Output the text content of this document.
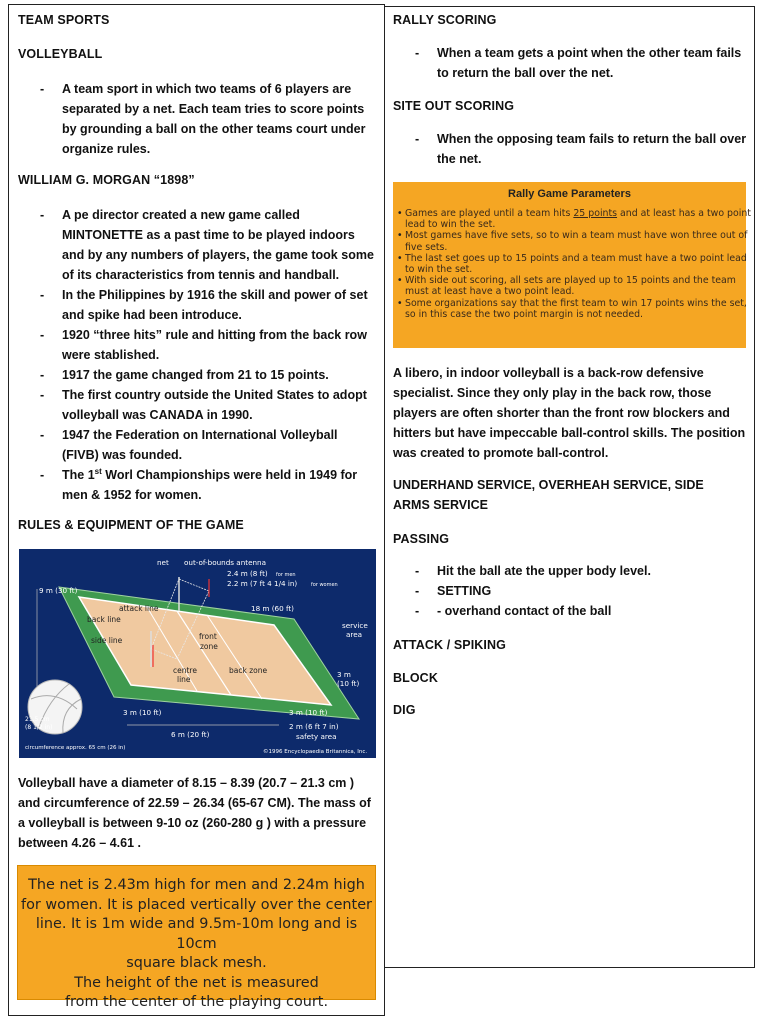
TEAM SPORTS
VOLLEYBALL
- A team sport in which two teams of 6 players are separated by a net. Each team tries to score points by grounding a ball on the other teams court under organize rules.
WILLIAM G. MORGAN “1898”
- A pe director created a new game called MINTONETTE as a past time to be played indoors and by any numbers of players, the game took some of its characteristics from tennis and handball.
- In the Philippines by 1916 the skill and power of set and spike had been introduce.
- 1920 “three hits” rule and hitting from the back row were stablished.
- 1917 the game changed from 21 to 15 points.
- The first country outside the United States to adopt volleyball was CANADA in 1990.
- 1947 the Federation on International Volleyball (FIVB) was founded.
- The 1st Worl Championships were held in 1949 for men & 1952 for women.
RULES & EQUIPMENT OF THE GAME
net out-of-bounds antenna
2.4 m (8 ft) for men
2.2 m (7 ft 4 1/4 in)	for women
9 m (30 ft)
18 m (60 ft)
service
area
3 m
(10 ft)
3 m (10 ft)	3 m (10 ft)
6 m (20 ft)
2 m (6 ft 7 in)
safety area
21.5 cm
(8 1/2 in)
circumference approx. 65 cm (26 in)
©1996 Encyclopaedia Britannica, Inc.
attack line
back line
side line	front
zone
centre
line
back zone
Volleyball have a diameter of 8.15 – 8.39 (20.7 – 21.3 cm ) and circumference of 22.59 – 26.34 (65-67 CM). The mass of a volleyball is between 9-10 oz (260-280 g ) with a pressure between 4.26 – 4.61 .
The net is 2.43m high for men and 2.24m high
for women. It is placed vertically over the center
line. It is 1m wide and 9.5m-10m long and is 10cm
square black mesh.
The height of the net is measured
from the center of the playing court.
RALLY SCORING
- When a team gets a point when the other team fails to return the ball over the net.
SITE OUT SCORING
- When the opposing team fails to return the ball over the net.
Rally Game Parameters
• Games are played until a team hits 25 points and at least has a two point lead to win the set.
• Most games have five sets, so to win a team must have won three out of five sets.
• The last set goes up to 15 points and a team must have a two point lead to win the set.
• With side out scoring, all sets are played up to 15 points and the team must at least have a two point lead.
• Some organizations say that the first team to win 17 points wins the set, so in this case the two point margin is not needed.
A libero, in indoor volleyball is a back-row defensive specialist. Since they only play in the back row, those players are often shorter than the front row blockers and hitters but have impeccable ball-control skills. The position was created to promote ball-control.
UNDERHAND SERVICE, OVERHEAH SERVICE, SIDE ARMS SERVICE
PASSING
- Hit the ball ate the upper body level.
- SETTING
- - overhand contact of the ball
ATTACK / SPIKING
BLOCK
DIG
